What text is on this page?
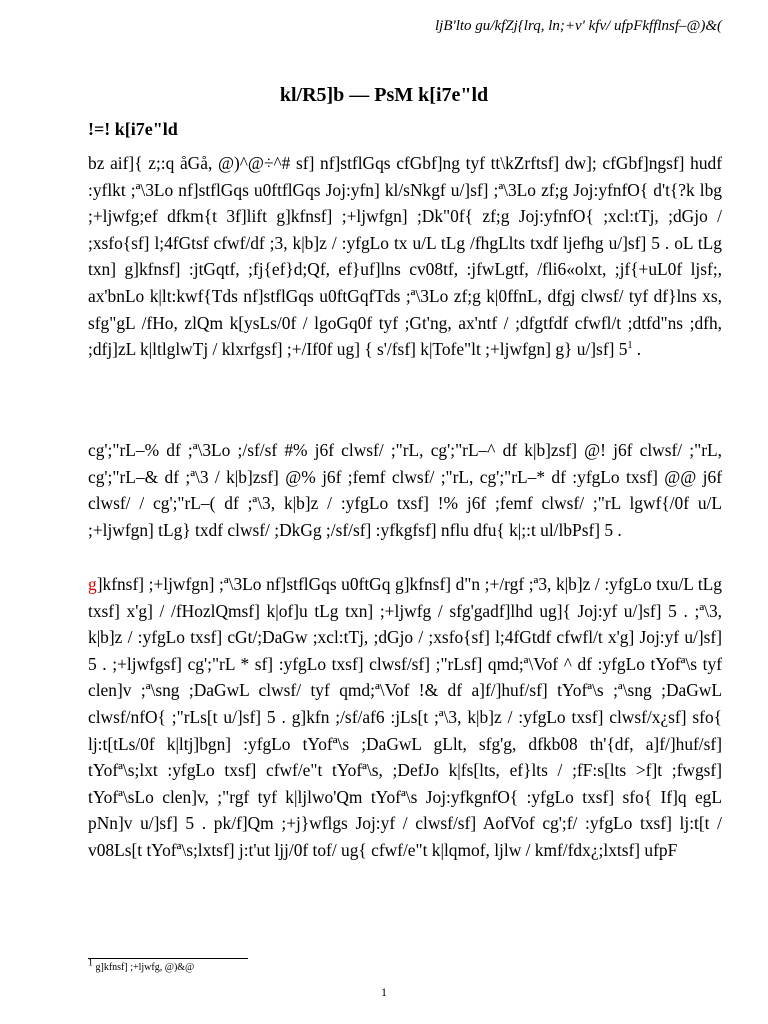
ljB'lto gu/kfZj{lrq, ln;+v' kfv/ ufpFkfflnsf–@)&(
kl/R5]b — PsM k[i7e"ld
!=! k[i7e"ld

bz aif]{ z;:q åGå, @)^@÷^# sf] nf]stflGqs cfGbf]ng tyf tt\kZrftsf] dw]; cfGbf]ngsf] hudf :yflkt ;ª\3Lo nf]stflGqs u0ftflGqs Joj:yfn] kl/sNkgf u/]sf] ;ª\3Lo zf;g Joj:yfnfO{ d't{?k lbg ;+ljwfg;ef dfkm{t 3f]lift g]kfnsf] ;+ljwfgn] ;Dk"0f{ zf;g Joj:yfnfO{ ;xcl:tTj, ;dGjo / ;xsfo{sf] l;4fGtsf cfwf/df ;3, k|b]z / :yfgLo tx u/L tLg /fhgLlts txdf ljefhg u/]sf] 5 . oL tLg txn] g]kfnsf] :jtGqtf, ;fj{ef}d;Qf, ef}uf]lns cv08tf, :jfwLgtf, /fli6«olxt, ;jf{+uL0f ljsf;, ax'bnLo k|lt:kwf{Tds nf]stflGqs u0ftGqfTds ;ª\3Lo zf;g k|0ffnL, dfgj clwsf/ tyf df}lns xs, sfg"gL /fHo, zlQm k[ysLs/0f / lgoGq0f tyf ;Gt'ng, ax'ntf / ;dfgtfdf cfwfl/t ;dtfd"ns ;dfh, ;dfj]zL k|ltlglwTj / klxrfgsf] ;+/If0f ug] { s'/fsf] k|Tofe"lt ;+ljwfgn] g} u/]sf] $5^1$ .

cg';"rL–% df ;ª\3Lo ;/sf/sf #% j6f clwsf/ ;"rL, cg';"rL–^ df k|b]zsf] @! j6f clwsf/ ;"rL, cg';"rL–& df ;ª\3 / k|b]zsf] @% j6f ;femf clwsf/ ;"rL, cg';"rL–* df :yfgLo txsf] @@ j6f clwsf/ / cg';"rL–( df ;ª\3, k|b]z / :yfgLo txsf] !% j6f ;femf clwsf/ ;"rL lgwf{/0f u/L ;+ljwfgn] tLg} txdf clwsf/ ;DkGg ;/sf/sf] :yfkgfsf] nflu dfu{ k|;:t ul/lbPsf] 5 .

g]kfnsf] ;+ljwfgn] ;ª\3Lo nf]stflGqs u0ftGq g]kfnsf] d"n ;+/rgf ;ª3, k|b]z / :yfgLo txu/L tLg txsf] x'g] / /fHozlQmsf] k|of]u tLg txn] ;+ljwfg / sfg'gadf]lhd ug]{ Joj:yf u/]sf] 5 . ;ª\3, k|b]z / :yfgLo txsf] cGt/;DaGw ;xcl:tTj, ;dGjo / ;xsfo{sf] l;4fGtdf cfwfl/t x'g] Joj:yf u/]sf] 5 . ;+ljwfgsf] cg';"rL * sf] :yfgLo txsf] clwsf/sf] ;"rLsf] qmd;ª\Vof ^ df :yfgLo tYofª\s tyf clen]v ;ª\sng ;DaGwL clwsf/ tyf qmd;ª\Vof !& df a]f/]huf/sf] tYofª\s ;ª\sng ;DaGwL clwsf/nfO{ ;"rLs[t u/]sf] 5 . g]kfn ;/sf/af6 :jLs[t ;ª\3, k|b]z / :yfgLo txsf] clwsf/x¿sf] sfo{ lj:t[tLs/0f k|ltj]bgn] :yfgLo tYofª\s ;DaGwL gLlt, sfg'g, dfkb08 th'{df, a]f/]huf/sf] tYofª\s;lxt :yfgLo txsf] cfwf/e"t tYofª\s, ;DefJo k|fs[lts, ef}lts / ;fF:s[lts >f]t ;fwgsf] tYofª\sLo clen]v, ;"rgf tyf k|ljlwo'Qm tYofª\s Joj:yfkgnfO{ :yfgLo txsf] sfo{ If]q egL pNn]v u/]sf] 5 . pk/f]Qm ;+j}wflgs Joj:yf / clwsf/sf] AofVof cg';f/ :yfgLo txsf] lj:t[t / v08Ls[t tYofª\s;lxtsf] j:t'ut ljj/0f tof/ ug{ cfwf/e"t k|lqmof, ljlw / kmf/fdx¿;lxtsf] ufpF

$^1$ g]kfnsf] ;+ljwfg, @)&@
1
